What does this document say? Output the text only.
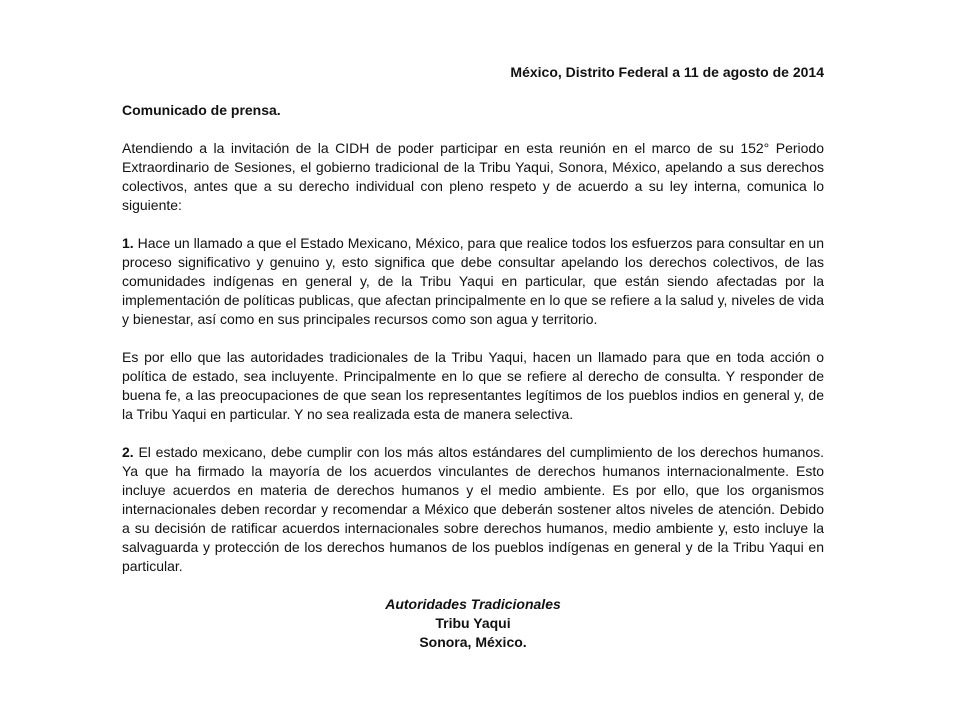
México, Distrito Federal a 11 de agosto de 2014
Comunicado de prensa.

Atendiendo a la invitación de la CIDH de poder participar en esta reunión en el marco de su 152° Periodo Extraordinario de Sesiones, el gobierno tradicional de la Tribu Yaqui, Sonora, México, apelando a sus derechos colectivos, antes que a su derecho individual con pleno respeto y de acuerdo a su ley interna, comunica lo siguiente:

1. Hace un llamado a que el Estado Mexicano, México, para que realice todos los esfuerzos para consultar en un proceso significativo y genuino y, esto significa que debe consultar apelando los derechos colectivos, de las comunidades indígenas en general y, de la Tribu Yaqui en particular, que están siendo afectadas por la implementación de políticas publicas, que afectan principalmente en lo que se refiere a la salud y, niveles de vida y bienestar, así como en sus principales recursos como son agua y territorio.

Es por ello que las autoridades tradicionales de la Tribu Yaqui, hacen un llamado para que en toda acción o política de estado, sea incluyente. Principalmente en lo que se refiere al derecho de consulta. Y responder de buena fe, a las preocupaciones de que sean los representantes legítimos de los pueblos indios en general y, de la Tribu Yaqui en particular. Y no sea realizada esta de manera selectiva.

2. El estado mexicano, debe cumplir con los más altos estándares del cumplimiento de los derechos humanos. Ya que ha firmado la mayoría de los acuerdos vinculantes de derechos humanos internacionalmente. Esto incluye acuerdos en materia de derechos humanos y el medio ambiente. Es por ello, que los organismos internacionales deben recordar y recomendar a México que deberán sostener altos niveles de atención. Debido a su decisión de ratificar acuerdos internacionales sobre derechos humanos, medio ambiente y, esto incluye la salvaguarda y protección de los derechos humanos de los pueblos indígenas en general y de la Tribu Yaqui en particular.

Autoridades Tradicionales
Tribu Yaqui
Sonora, México.
